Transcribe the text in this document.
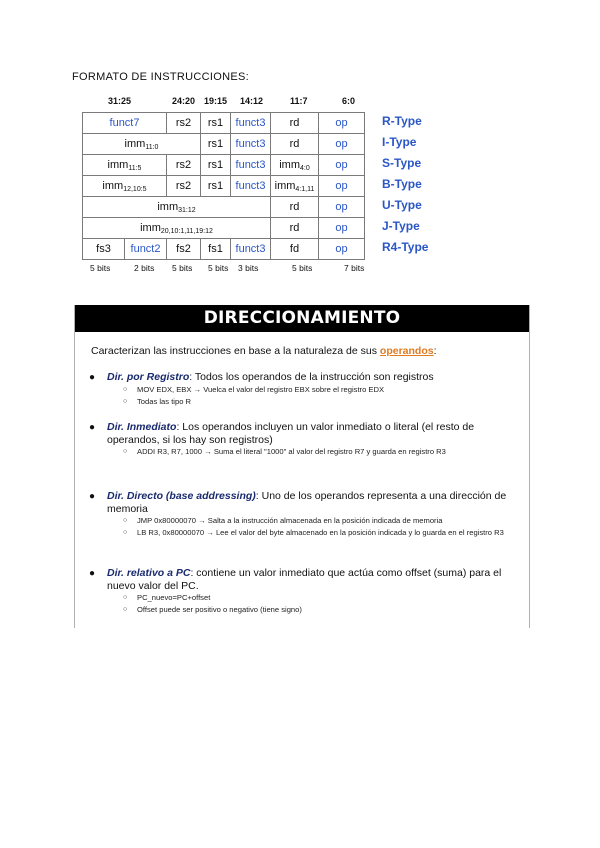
FORMATO DE INSTRUCCIONES:
31:25	24:20 19:15 14:12	11:7	6:0
funct7		rs2	rs1	funct3	rd	op
imm$_{11:0}$			rs1	funct3	rd	op
imm$_{11:5}$		rs2	rs1	funct3	imm$_{4:0}$	op
imm$_{12,10:5}$		rs2	rs1	funct3	imm$_{4:1,11}$	op
imm$_{31:12}$					rd	op
imm$_{20,10:1,11,19:12}$					rd	op
fs3	funct2	fs2	fs1	funct3	fd	op
R-Type
I-Type
S-Type
B-Type
U-Type
J-Type
R4-Type
5 bits	2 bits 5 bits 5 bits 3 bits	5 bits	7 bits
DIRECCIONAMIENTO
Caracterizan las instrucciones en base a la naturaleza de sus operandos:
● Dir. por Registro: Todos los operandos de la instrucción son registros
○ MOV EDX, EBX → Vuelca el valor del registro EBX sobre el registro EDX
○ Todas las tipo R
● Dir. Inmediato: Los operandos incluyen un valor inmediato o literal (el resto de operandos, si los hay son registros)
○ ADDI R3, R7, 1000 → Suma el literal "1000" al valor del registro R7 y guarda en registro R3
● Dir. Directo (base addressing): Uno de los operandos representa a una dirección de memoria
○ JMP 0x80000070 → Salta a la instrucción almacenada en la posición indicada de memoria
○ LB R3, 0x80000070 → Lee el valor del byte almacenado en la posición indicada y lo guarda en el registro R3
● Dir. relativo a PC: contiene un valor inmediato que actúa como offset (suma) para el nuevo valor del PC.
○ PC_nuevo=PC+offset
○ Offset puede ser positivo o negativo (tiene signo)
